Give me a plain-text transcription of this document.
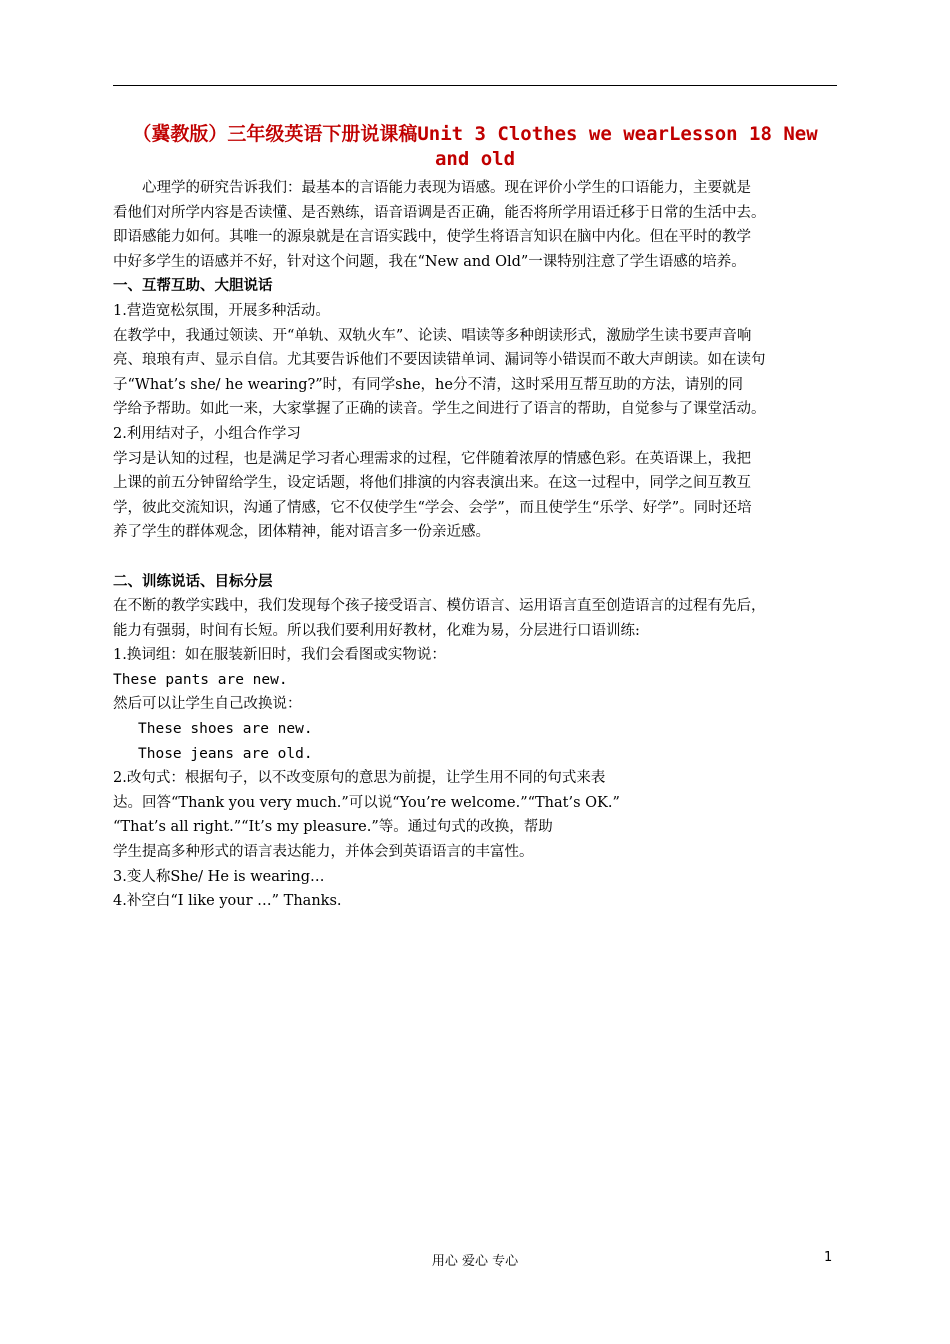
（冀教版）三年级英语下册说课稿Unit 3 Clothes we wearLesson 18 New and old

心理学的研究告诉我们：最基本的言语能力表现为语感。现在评价小学生的口语能力，主要就是

看他们对所学内容是否读懂、是否熟练，语音语调是否正确，能否将所学用语迁移于日常的生活中去。

即语感能力如何。其唯一的源泉就是在言语实践中，使学生将语言知识在脑中内化。但在平时的教学

中好多学生的语感并不好，针对这个问题，我在“New and Old”一课特别注意了学生语感的培养。

一、互帮互助、大胆说话

1.营造宽松氛围，开展多种活动。

在教学中，我通过领读、开“单轨、双轨火车”、论读、唱读等多种朗读形式，激励学生读书要声音响

亮、琅琅有声、显示自信。尤其要告诉他们不要因读错单词、漏词等小错误而不敢大声朗读。如在读句

子“What’s she/ he wearing?”时，有同学she，he分不清，这时采用互帮互助的方法，请别的同

学给予帮助。如此一来，大家掌握了正确的读音。学生之间进行了语言的帮助，自觉参与了课堂活动。

2.利用结对子，小组合作学习

学习是认知的过程，也是满足学习者心理需求的过程，它伴随着浓厚的情感色彩。在英语课上，我把

上课的前五分钟留给学生，设定话题，将他们排演的内容表演出来。在这一过程中，同学之间互教互

学，彼此交流知识，沟通了情感，它不仅使学生“学会、会学”，而且使学生“乐学、好学”。同时还培

养了学生的群体观念，团体精神，能对语言多一份亲近感。

二、训练说话、目标分层

在不断的教学实践中，我们发现每个孩子接受语言、模仿语言、运用语言直至创造语言的过程有先后，

能力有强弱，时间有长短。所以我们要利用好教材，化难为易，分层进行口语训练:

1.换词组：如在服装新旧时，我们会看图或实物说：

These pants are new.

然后可以让学生自己改换说：

These shoes are new.

Those jeans are old.

2.改句式：根据句子，以不改变原句的意思为前提，让学生用不同的句式来表

达。回答“Thank you very much.”可以说“You’re welcome.”“That’s OK.”

“That’s all right.”“It’s my pleasure.”等。通过句式的改换，帮助

学生提高多种形式的语言表达能力，并体会到英语语言的丰富性。

3.变人称She/ He is wearing…

4.补空白“I like your …” Thanks.

用心 爱心 专心	1
